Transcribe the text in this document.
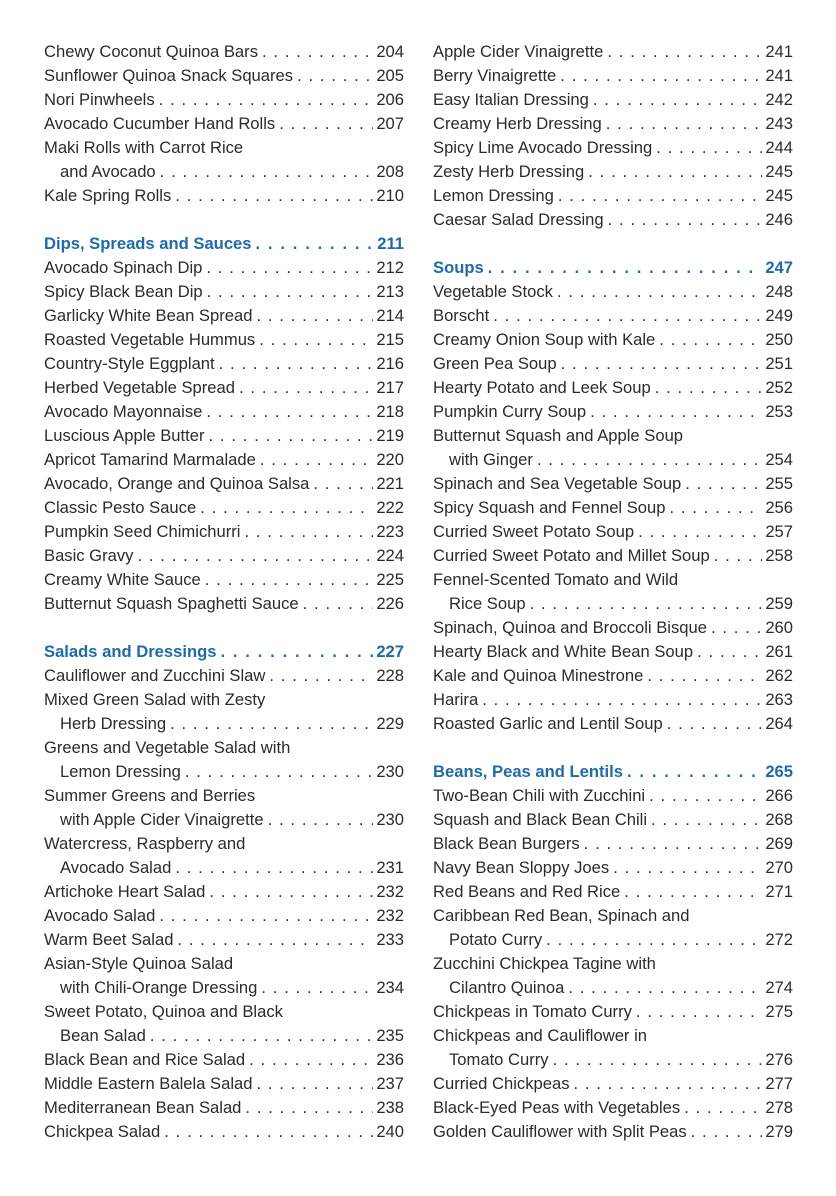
Chewy Coconut Quinoa Bars . . .	204
Sunflower Quinoa Snack Squares . . .	205
Nori Pinwheels . . .	206
Avocado Cucumber Hand Rolls . . .	207
Maki Rolls with Carrot Rice
and Avocado . . .	208
Kale Spring Rolls . . .	210
Dips, Spreads and Sauces . . .	211
Avocado Spinach Dip . . .	212
Spicy Black Bean Dip . . .	213
Garlicky White Bean Spread . . .	214
Roasted Vegetable Hummus . . .	215
Country-Style Eggplant . . .	216
Herbed Vegetable Spread . . .	217
Avocado Mayonnaise . . .	218
Luscious Apple Butter . . .	219
Apricot Tamarind Marmalade . . .	220
Avocado, Orange and Quinoa Salsa . . .	221
Classic Pesto Sauce . . .	222
Pumpkin Seed Chimichurri . . .	223
Basic Gravy . . .	224
Creamy White Sauce . . .	225
Butternut Squash Spaghetti Sauce . . .	226
Salads and Dressings . . .	227
Cauliflower and Zucchini Slaw . . .	228
Mixed Green Salad with Zesty
Herb Dressing . . .	229
Greens and Vegetable Salad with
Lemon Dressing . . .	230
Summer Greens and Berries
with Apple Cider Vinaigrette . . .	230
Watercress, Raspberry and
Avocado Salad . . .	231
Artichoke Heart Salad . . .	232
Avocado Salad . . .	232
Warm Beet Salad . . .	233
Asian-Style Quinoa Salad
with Chili-Orange Dressing . . .	234
Sweet Potato, Quinoa and Black
Bean Salad . . .	235
Black Bean and Rice Salad . . .	236
Middle Eastern Balela Salad . . .	237
Mediterranean Bean Salad . . .	238
Chickpea Salad . . .	240
Apple Cider Vinaigrette . . .	241
Berry Vinaigrette . . .	241
Easy Italian Dressing . . .	242
Creamy Herb Dressing . . .	243
Spicy Lime Avocado Dressing . . .	244
Zesty Herb Dressing . . .	245
Lemon Dressing . . .	245
Caesar Salad Dressing . . .	246
Soups . . .	247
Vegetable Stock . . .	248
Borscht . . .	249
Creamy Onion Soup with Kale . . .	250
Green Pea Soup . . .	251
Hearty Potato and Leek Soup . . .	252
Pumpkin Curry Soup . . .	253
Butternut Squash and Apple Soup
with Ginger . . .	254
Spinach and Sea Vegetable Soup . . .	255
Spicy Squash and Fennel Soup . . .	256
Curried Sweet Potato Soup . . .	257
Curried Sweet Potato and Millet Soup . . .	258
Fennel-Scented Tomato and Wild
Rice Soup . . .	259
Spinach, Quinoa and Broccoli Bisque . . .	260
Hearty Black and White Bean Soup . . .	261
Kale and Quinoa Minestrone . . .	262
Harira . . .	263
Roasted Garlic and Lentil Soup . . .	264
Beans, Peas and Lentils . . .	265
Two-Bean Chili with Zucchini . . .	266
Squash and Black Bean Chili . . .	268
Black Bean Burgers . . .	269
Navy Bean Sloppy Joes . . .	270
Red Beans and Red Rice . . .	271
Caribbean Red Bean, Spinach and
Potato Curry . . .	272
Zucchini Chickpea Tagine with
Cilantro Quinoa . . .	274
Chickpeas in Tomato Curry . . .	275
Chickpeas and Cauliflower in
Tomato Curry . . .	276
Curried Chickpeas . . .	277
Black-Eyed Peas with Vegetables . . .	278
Golden Cauliflower with Split Peas . . .	279
